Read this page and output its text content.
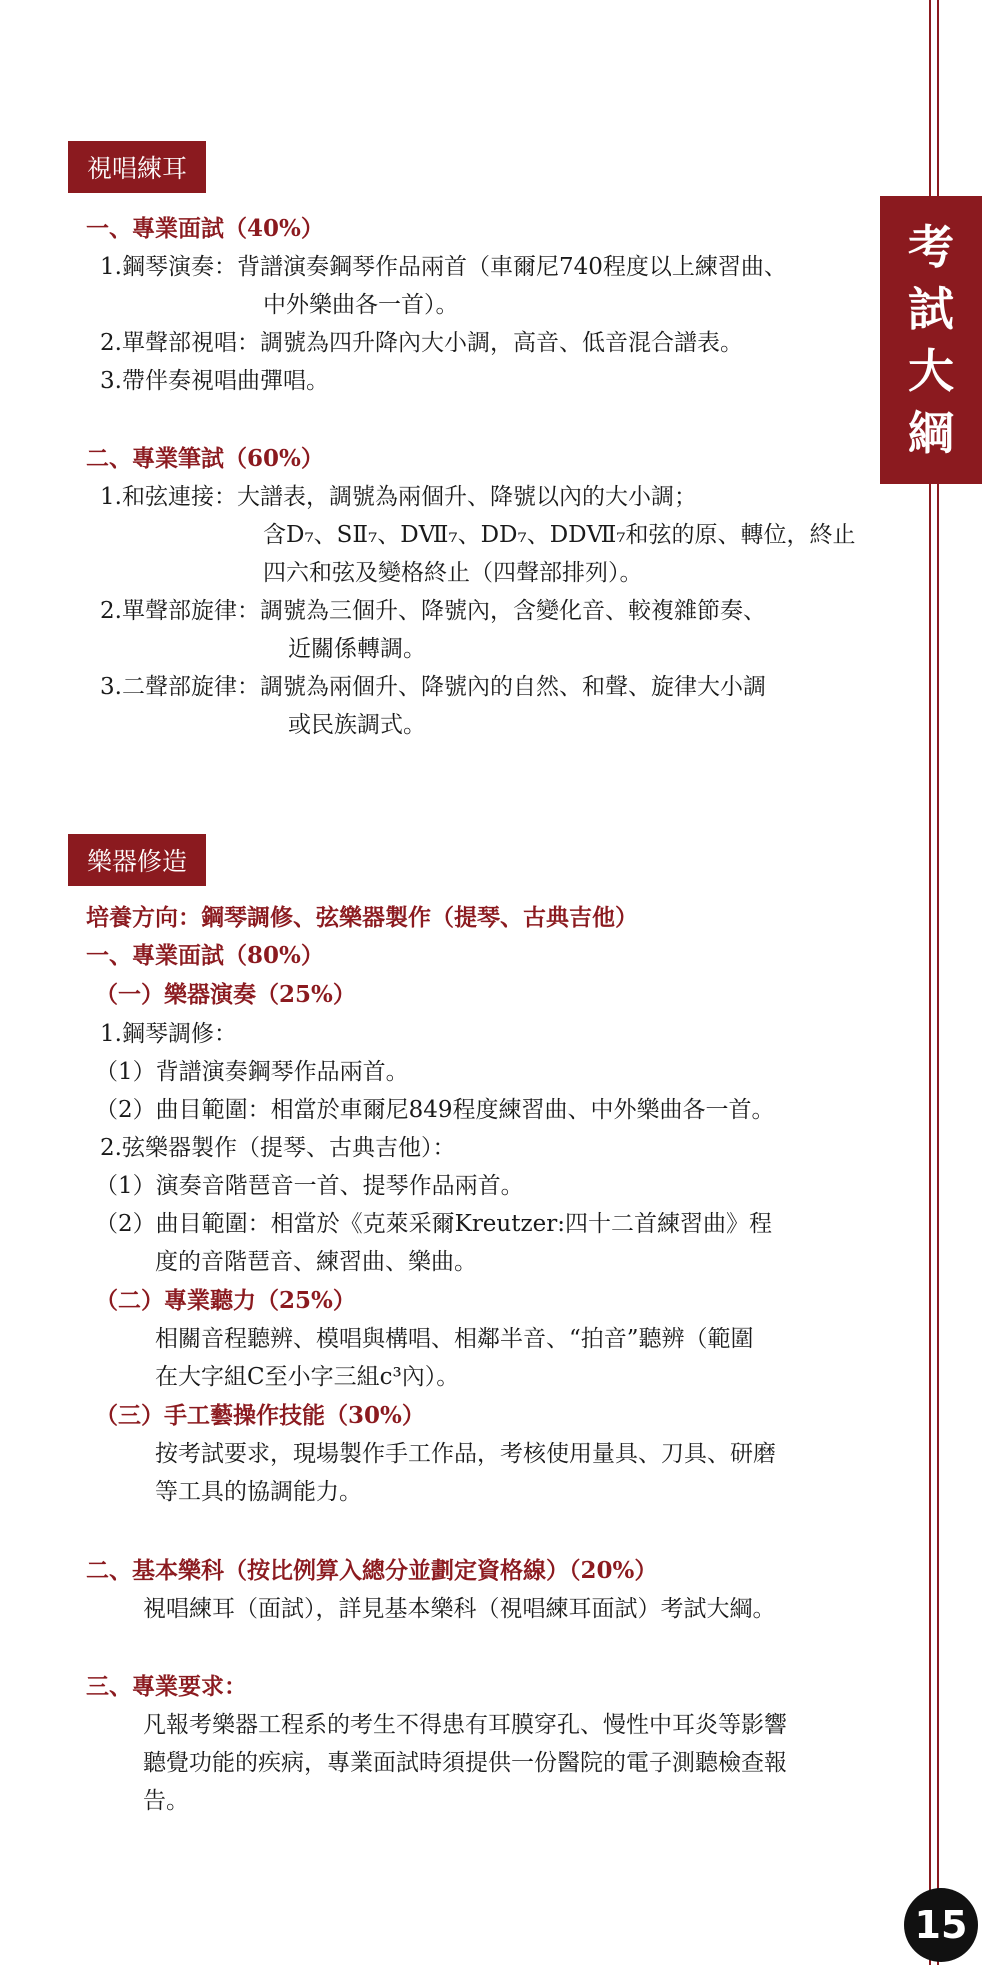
考
試
大
綱
視唱練耳
一、專業面試（40%）
1.鋼琴演奏：背譜演奏鋼琴作品兩首（車爾尼740程度以上練習曲、
中外樂曲各一首）。
2.單聲部視唱：調號為四升降內大小調，高音、低音混合譜表。
3.帶伴奏視唱曲彈唱。
二、專業筆試（60%）
1.和弦連接：大譜表，調號為兩個升、降號以內的大小調；
含D₇、SⅡ₇、DⅦ₇、DD₇、DDⅦ₇和弦的原、轉位，終止
四六和弦及變格終止（四聲部排列）。
2.單聲部旋律：調號為三個升、降號內，含變化音、較複雜節奏、
近關係轉調。
3.二聲部旋律：調號為兩個升、降號內的自然、和聲、旋律大小調
或民族調式。
樂器修造
培養方向：鋼琴調修、弦樂器製作（提琴、古典吉他）
一、專業面試（80%）
（一）樂器演奏（25%）
1.鋼琴調修：
（1）背譜演奏鋼琴作品兩首。
（2）曲目範圍：相當於車爾尼849程度練習曲、中外樂曲各一首。
2.弦樂器製作（提琴、古典吉他）：
（1）演奏音階琶音一首、提琴作品兩首。
（2）曲目範圍：相當於《克萊采爾Kreutzer:四十二首練習曲》程
度的音階琶音、練習曲、樂曲。
（二）專業聽力（25%）
相關音程聽辨、模唱與構唱、相鄰半音、“拍音”聽辨（範圍
在大字組C至小字三組c³內）。
（三）手工藝操作技能（30%）
按考試要求，現場製作手工作品，考核使用量具、刀具、研磨
等工具的協調能力。
二、基本樂科（按比例算入總分並劃定資格線）（20%）
視唱練耳（面試），詳見基本樂科（視唱練耳面試）考試大綱。
三、專業要求：
凡報考樂器工程系的考生不得患有耳膜穿孔、慢性中耳炎等影響
聽覺功能的疾病，專業面試時須提供一份醫院的電子測聽檢查報
告。
15
